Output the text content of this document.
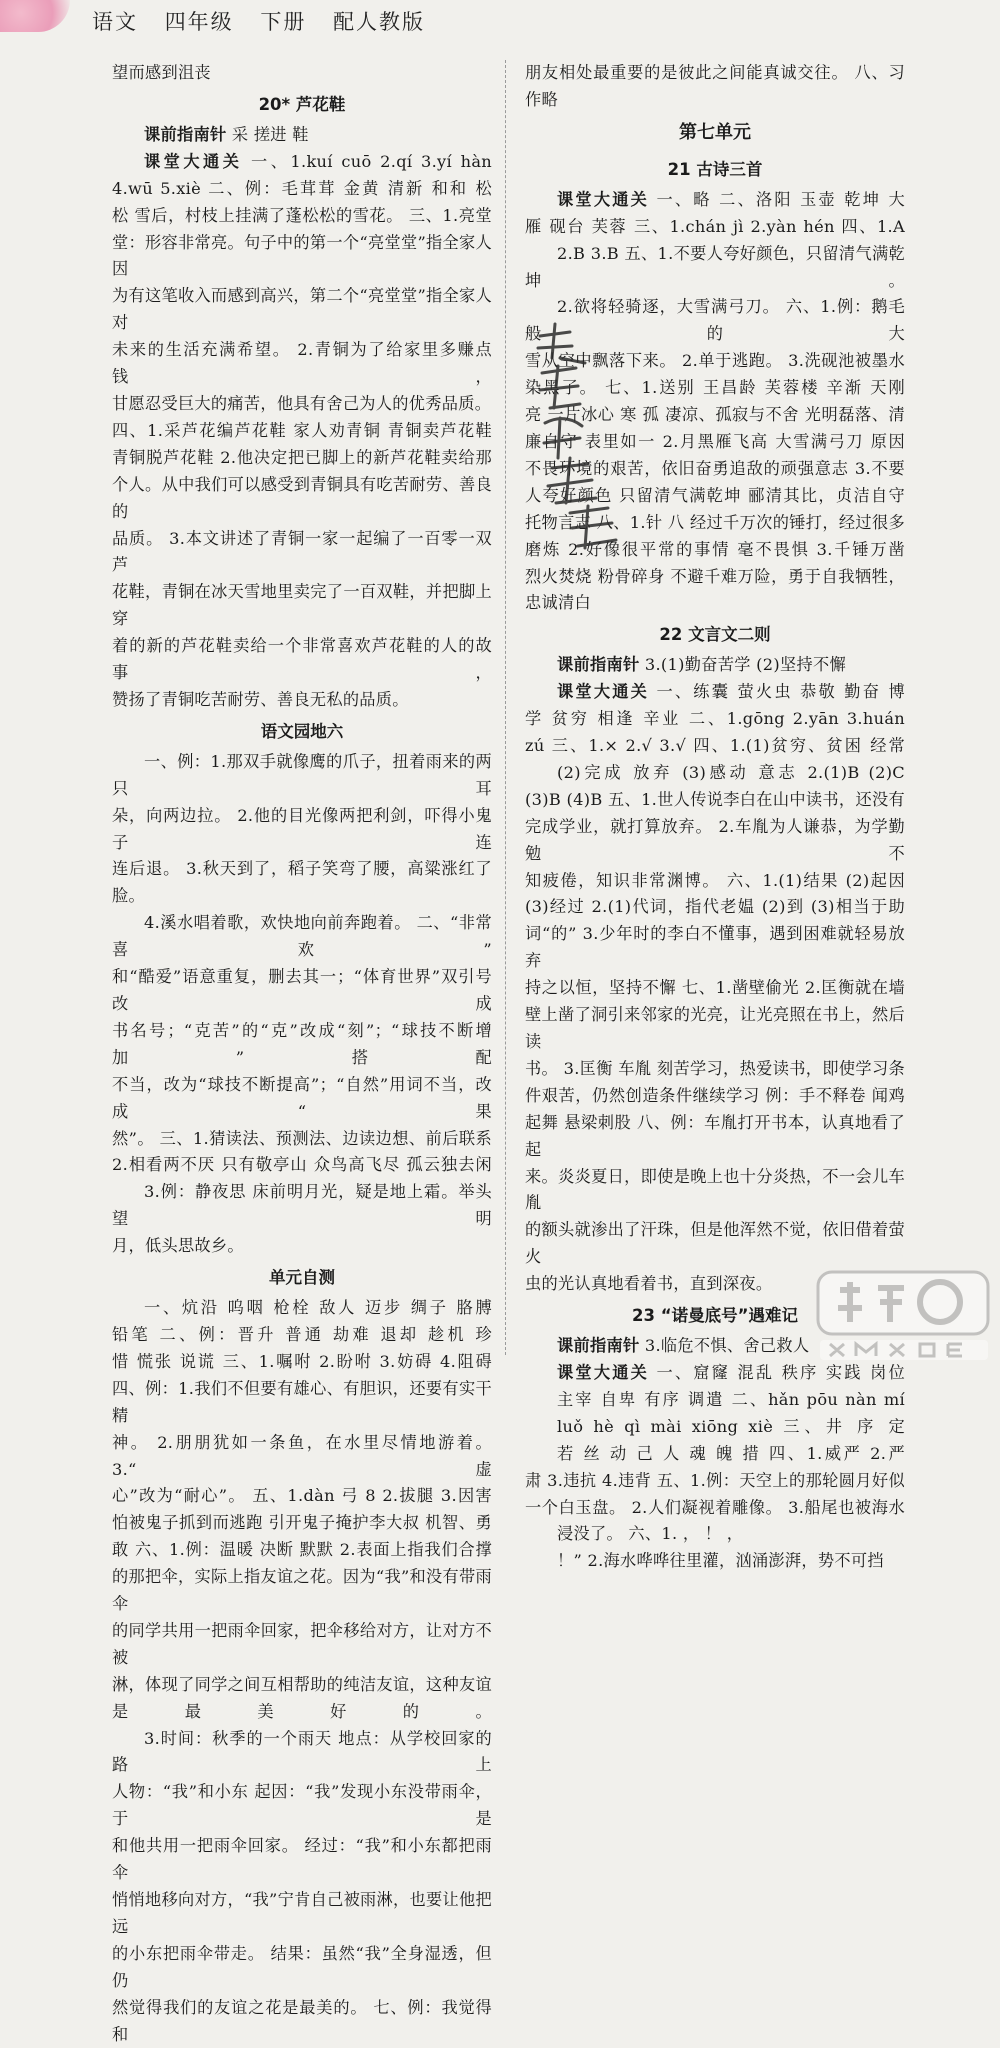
语文 四年级 下册 配人教版

望而感到沮丧

20* 芦花鞋

课前指南针 采 搓进 鞋

课堂大通关 一、1.kuí cuō 2.qí 3.yí hàn

4.wū 5.xiè 二、例：毛茸茸 金黄 清新 和和 松

松 雪后，村枝上挂满了蓬松松的雪花。 三、1.亮堂

堂：形容非常亮。句子中的第一个“亮堂堂”指全家人因

为有这笔收入而感到高兴，第二个“亮堂堂”指全家人对

未来的生活充满希望。 2.青铜为了给家里多赚点钱，

甘愿忍受巨大的痛苦，他具有舍己为人的优秀品质。

四、1.采芦花编芦花鞋 家人劝青铜 青铜卖芦花鞋

青铜脱芦花鞋 2.他决定把已脚上的新芦花鞋卖给那

个人。从中我们可以感受到青铜具有吃苦耐劳、善良的

品质。 3.本文讲述了青铜一家一起编了一百零一双芦

花鞋，青铜在冰天雪地里卖完了一百双鞋，并把脚上穿

着的新的芦花鞋卖给一个非常喜欢芦花鞋的人的故事，

赞扬了青铜吃苦耐劳、善良无私的品质。

语文园地六

一、例：1.那双手就像鹰的爪子，扭着雨来的两只耳

朵，向两边拉。 2.他的目光像两把利剑，吓得小鬼子连

连后退。 3.秋天到了，稻子笑弯了腰，高粱涨红了脸。

4.溪水唱着歌，欢快地向前奔跑着。 二、“非常喜欢”

和“酷爱”语意重复，删去其一；“体育世界”双引号改成

书名号；“克苦”的“克”改成“刻”；“球技不断增加”搭配

不当，改为“球技不断提高”；“自然”用词不当，改成“果

然”。 三、1.猜读法、预测法、边读边想、前后联系

2.相看两不厌 只有敬亭山 众鸟高飞尽 孤云独去闲

3.例：静夜思 床前明月光，疑是地上霜。举头望明

月，低头思故乡。

单元自测

一、炕沿 呜咽 枪栓 敌人 迈步 绸子 胳膊

铅笔 二、例：晋升 普通 劫难 退却 趁机 珍

惜 慌张 说谎 三、1.嘱咐 2.盼咐 3.妨碍 4.阻碍

四、例：1.我们不但要有雄心、有胆识，还要有实干精

神。 2.朋朋犹如一条鱼，在水里尽情地游着。 3.“虚

心”改为“耐心”。 五、1.dàn 弓 8 2.拔腿 3.因害

怕被鬼子抓到而逃跑 引开鬼子掩护李大叔 机智、勇

敢 六、1.例：温暖 决断 默默 2.表面上指我们合撑

的那把伞，实际上指友谊之花。因为“我”和没有带雨伞

的同学共用一把雨伞回家，把伞移给对方，让对方不被

淋，体现了同学之间互相帮助的纯洁友谊，这种友谊是最美好的。

3.时间：秋季的一个雨天 地点：从学校回家的路上

人物：“我”和小东 起因：“我”发现小东没带雨伞，于是

和他共用一把雨伞回家。 经过：“我”和小东都把雨伞

悄悄地移向对方，“我”宁肯自己被雨淋，也要让他把远

的小东把雨伞带走。 结果：虽然“我”全身湿透，但仍

然觉得我们的友谊之花是最美的。 七、例：我觉得和

朋友相处最重要的是彼此之间能真诚交往。 八、习

作略

第七单元
21 古诗三首

课堂大通关 一、略 二、洛阳 玉壶 乾坤 大

雁 砚台 芙蓉 三、1.chán jì 2.yàn hén 四、1.A

2.B 3.B 五、1.不要人夸好颜色，只留清气满乾坤。

2.欲将轻骑逐，大雪满弓刀。 六、1.例：鹅毛般的大

雪从空中飘落下来。 2.单于逃跑。 3.洗砚池被墨水

染黑了。 七、1.送别 王昌龄 芙蓉楼 辛渐 天刚

亮 一片冰心 寒 孤 凄凉、孤寂与不舍 光明磊落、清

廉自守 表里如一 2.月黑雁飞高 大雪满弓刀 原因

不畏环境的艰苦，依旧奋勇追敌的顽强意志 3.不要

人夸好颜色 只留清气满乾坤 郦清其比，贞洁自守

托物言志 八、1.针 八 经过千万次的锤打，经过很多

磨炼 2.好像很平常的事情 毫不畏惧 3.千锤万凿

烈火焚烧 粉骨碎身 不避千难万险，勇于自我牺牲，

忠诚清白

22 文言文二则

课前指南针 3.(1)勤奋苦学 (2)坚持不懈

课堂大通关 一、练囊 萤火虫 恭敬 勤奋 博

学 贫穷 相逢 辛业 二、1.gōng 2.yān 3.huán

zú 三、1.× 2.√ 3.√ 四、1.(1)贫穷、贫困 经常

(2)完成 放弃 (3)感动 意志 2.(1)B (2)C

(3)B (4)B 五、1.世人传说李白在山中读书，还没有

完成学业，就打算放弃。 2.车胤为人谦恭，为学勤勉不

知疲倦，知识非常渊博。 六、1.(1)结果 (2)起因

(3)经过 2.(1)代词，指代老媪 (2)到 (3)相当于助

词“的” 3.少年时的李白不懂事，遇到困难就轻易放弃

持之以恒，坚持不懈 七、1.凿壁偷光 2.匡衡就在墙

壁上凿了洞引来邻家的光亮，让光亮照在书上，然后读

书。 3.匡衡 车胤 刻苦学习，热爱读书，即使学习条

件艰苦，仍然创造条件继续学习 例：手不释卷 闻鸡

起舞 悬梁刺股 八、例：车胤打开书本，认真地看了起

来。炎炎夏日，即使是晚上也十分炎热，不一会儿车胤

的额头就渗出了汗珠，但是他浑然不觉，依旧借着萤火

虫的光认真地看着书，直到深夜。

23 “诺曼底号”遇难记

课前指南针 3.临危不惧、舍己救人

课堂大通关 一、窟窿 混乱 秩序 实践 岗位

主宰 自卑 有序 调遣 二、hǎn pōu nàn mí

luǒ hè qì mài xiōng xiè 三、井 序 定

若 丝 动 己 人 魂 魄 措 四、1.威严 2.严

肃 3.违抗 4.违背 五、1.例：天空上的那轮圆月好似

一个白玉盘。 2.人们凝视着雕像。 3.船尾也被海水

浸没了。 六、1. ， ！ ，

！” 2.海水哗哗往里灌，汹涌澎湃，势不可挡
